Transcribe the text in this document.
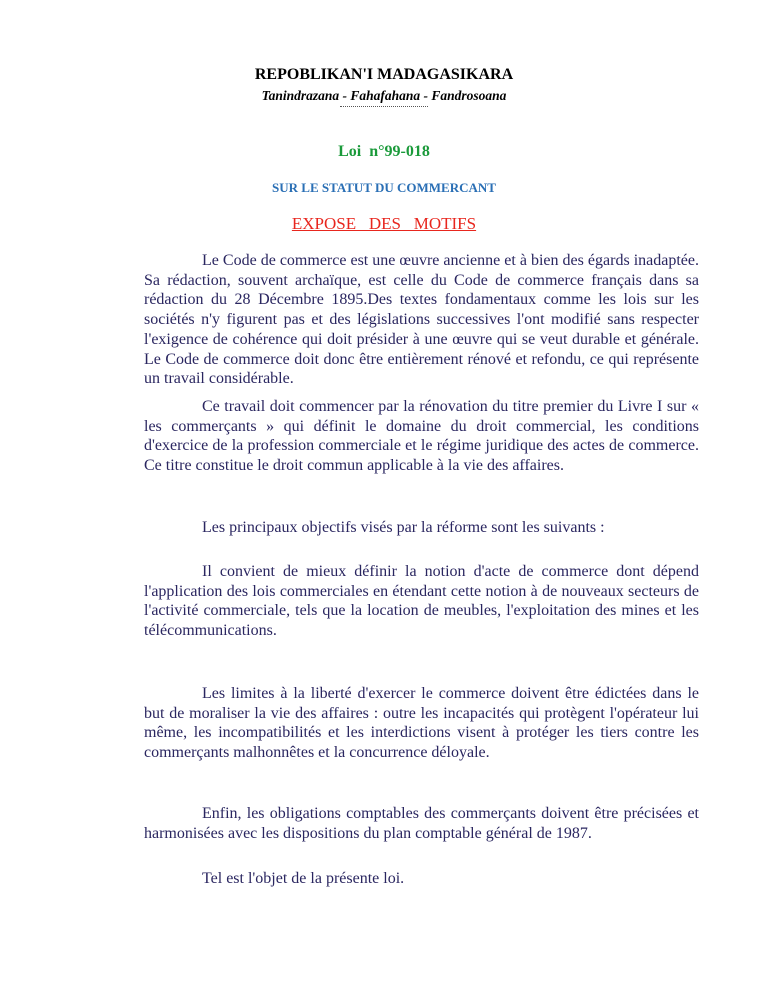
REPOBLIKAN'I MADAGASIKARA
Tanindrazana - Fahafahana - Fandrosoana
Loi  n°99-018
SUR LE STATUT DU COMMERCANT
EXPOSE   DES   MOTIFS

Le Code de commerce est une œuvre ancienne et à bien des égards inadaptée. Sa rédaction, souvent archaïque, est celle du Code de commerce français dans sa rédaction du 28 Décembre 1895.Des textes fondamentaux comme les lois sur les sociétés n'y figurent pas et des législations successives l'ont modifié sans respecter l'exigence de cohérence qui doit présider à une œuvre qui se veut durable et générale. Le Code de commerce doit donc être entièrement rénové et refondu, ce qui représente un travail considérable.

Ce travail doit commencer par la rénovation du titre premier du Livre I sur « les commerçants » qui définit le domaine du droit commercial, les conditions d'exercice de la profession commerciale et le régime juridique des actes de commerce. Ce titre constitue le droit commun applicable à la vie des affaires.

Les principaux objectifs visés par la réforme sont les suivants :

Il convient de mieux définir la notion d'acte de commerce dont dépend l'application des lois commerciales en étendant cette notion à de nouveaux secteurs de l'activité commerciale, tels que la location de meubles, l'exploitation des mines et les télécommunications.

Les limites à la liberté d'exercer le commerce doivent être édictées dans le but de moraliser la vie des affaires : outre les incapacités qui protègent l'opérateur lui même, les incompatibilités et les interdictions visent à protéger les tiers contre les commerçants malhonnêtes et la concurrence déloyale.

Enfin, les obligations comptables des commerçants doivent être précisées et harmonisées avec les dispositions du plan comptable général de 1987.

Tel est l'objet de la présente loi.
